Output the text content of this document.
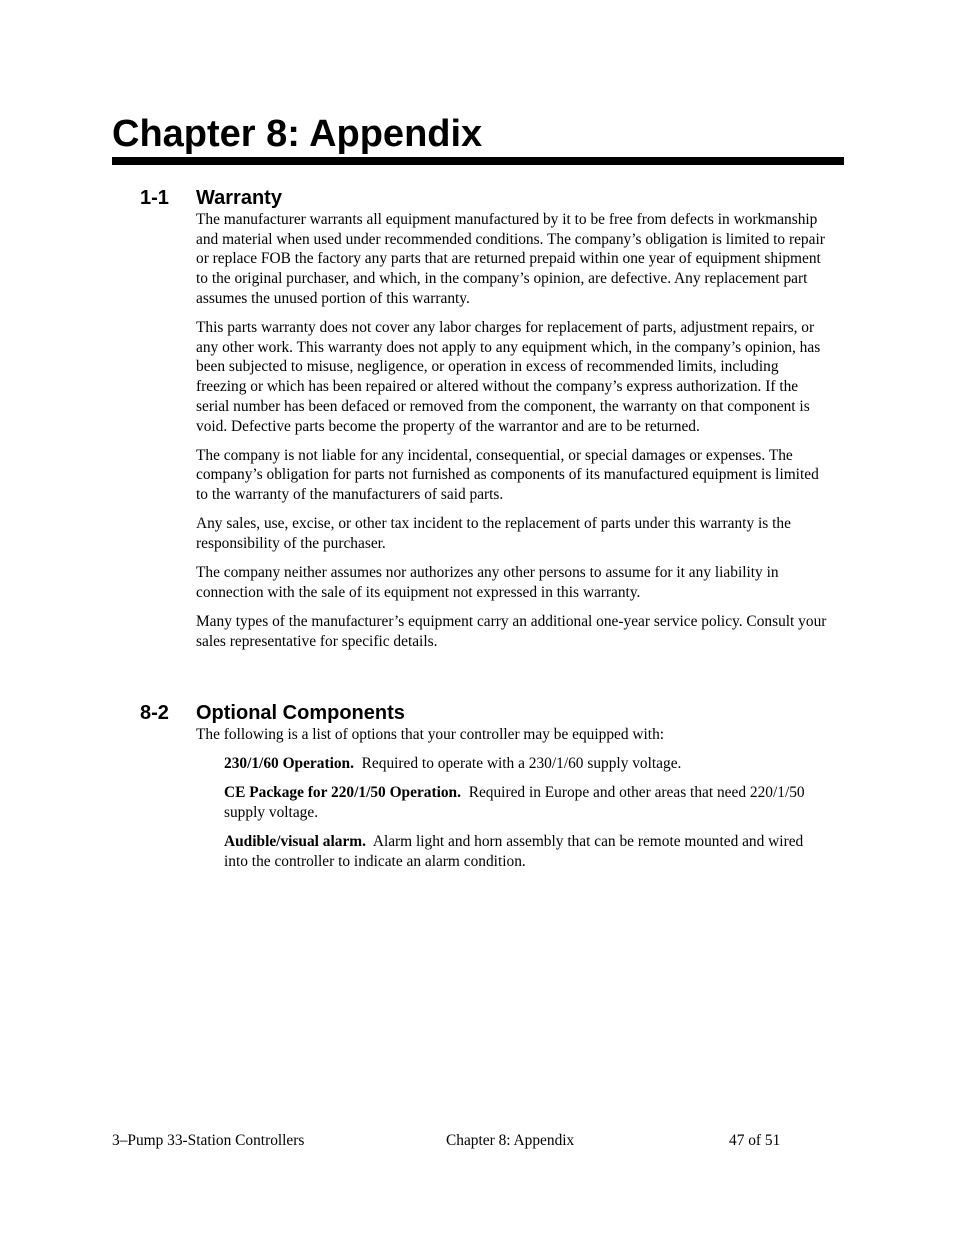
Chapter 8: Appendix
1-1 Warranty

The manufacturer warrants all equipment manufactured by it to be free from defects in workmanship and material when used under recommended conditions. The company’s obligation is limited to repair or replace FOB the factory any parts that are returned prepaid within one year of equipment shipment to the original purchaser, and which, in the company’s opinion, are defective. Any replacement part assumes the unused portion of this warranty.

This parts warranty does not cover any labor charges for replacement of parts, adjustment repairs, or any other work. This warranty does not apply to any equipment which, in the company’s opinion, has been subjected to misuse, negligence, or operation in excess of recommended limits, including freezing or which has been repaired or altered without the company’s express authorization. If the serial number has been defaced or removed from the component, the warranty on that component is void. Defective parts become the property of the warrantor and are to be returned.

The company is not liable for any incidental, consequential, or special damages or expenses. The company’s obligation for parts not furnished as components of its manufactured equipment is limited to the warranty of the manufacturers of said parts.

Any sales, use, excise, or other tax incident to the replacement of parts under this warranty is the responsibility of the purchaser.

The company neither assumes nor authorizes any other persons to assume for it any liability in connection with the sale of its equipment not expressed in this warranty.

Many types of the manufacturer’s equipment carry an additional one-year service policy. Consult your sales representative for specific details.

8-2 Optional Components

The following is a list of options that your controller may be equipped with:

230/1/60 Operation. Required to operate with a 230/1/60 supply voltage.

CE Package for 220/1/50 Operation. Required in Europe and other areas that need 220/1/50 supply voltage.

Audible/visual alarm. Alarm light and horn assembly that can be remote mounted and wired into the controller to indicate an alarm condition.

3–Pump 33-Station Controllers	Chapter 8: Appendix	47 of 51
